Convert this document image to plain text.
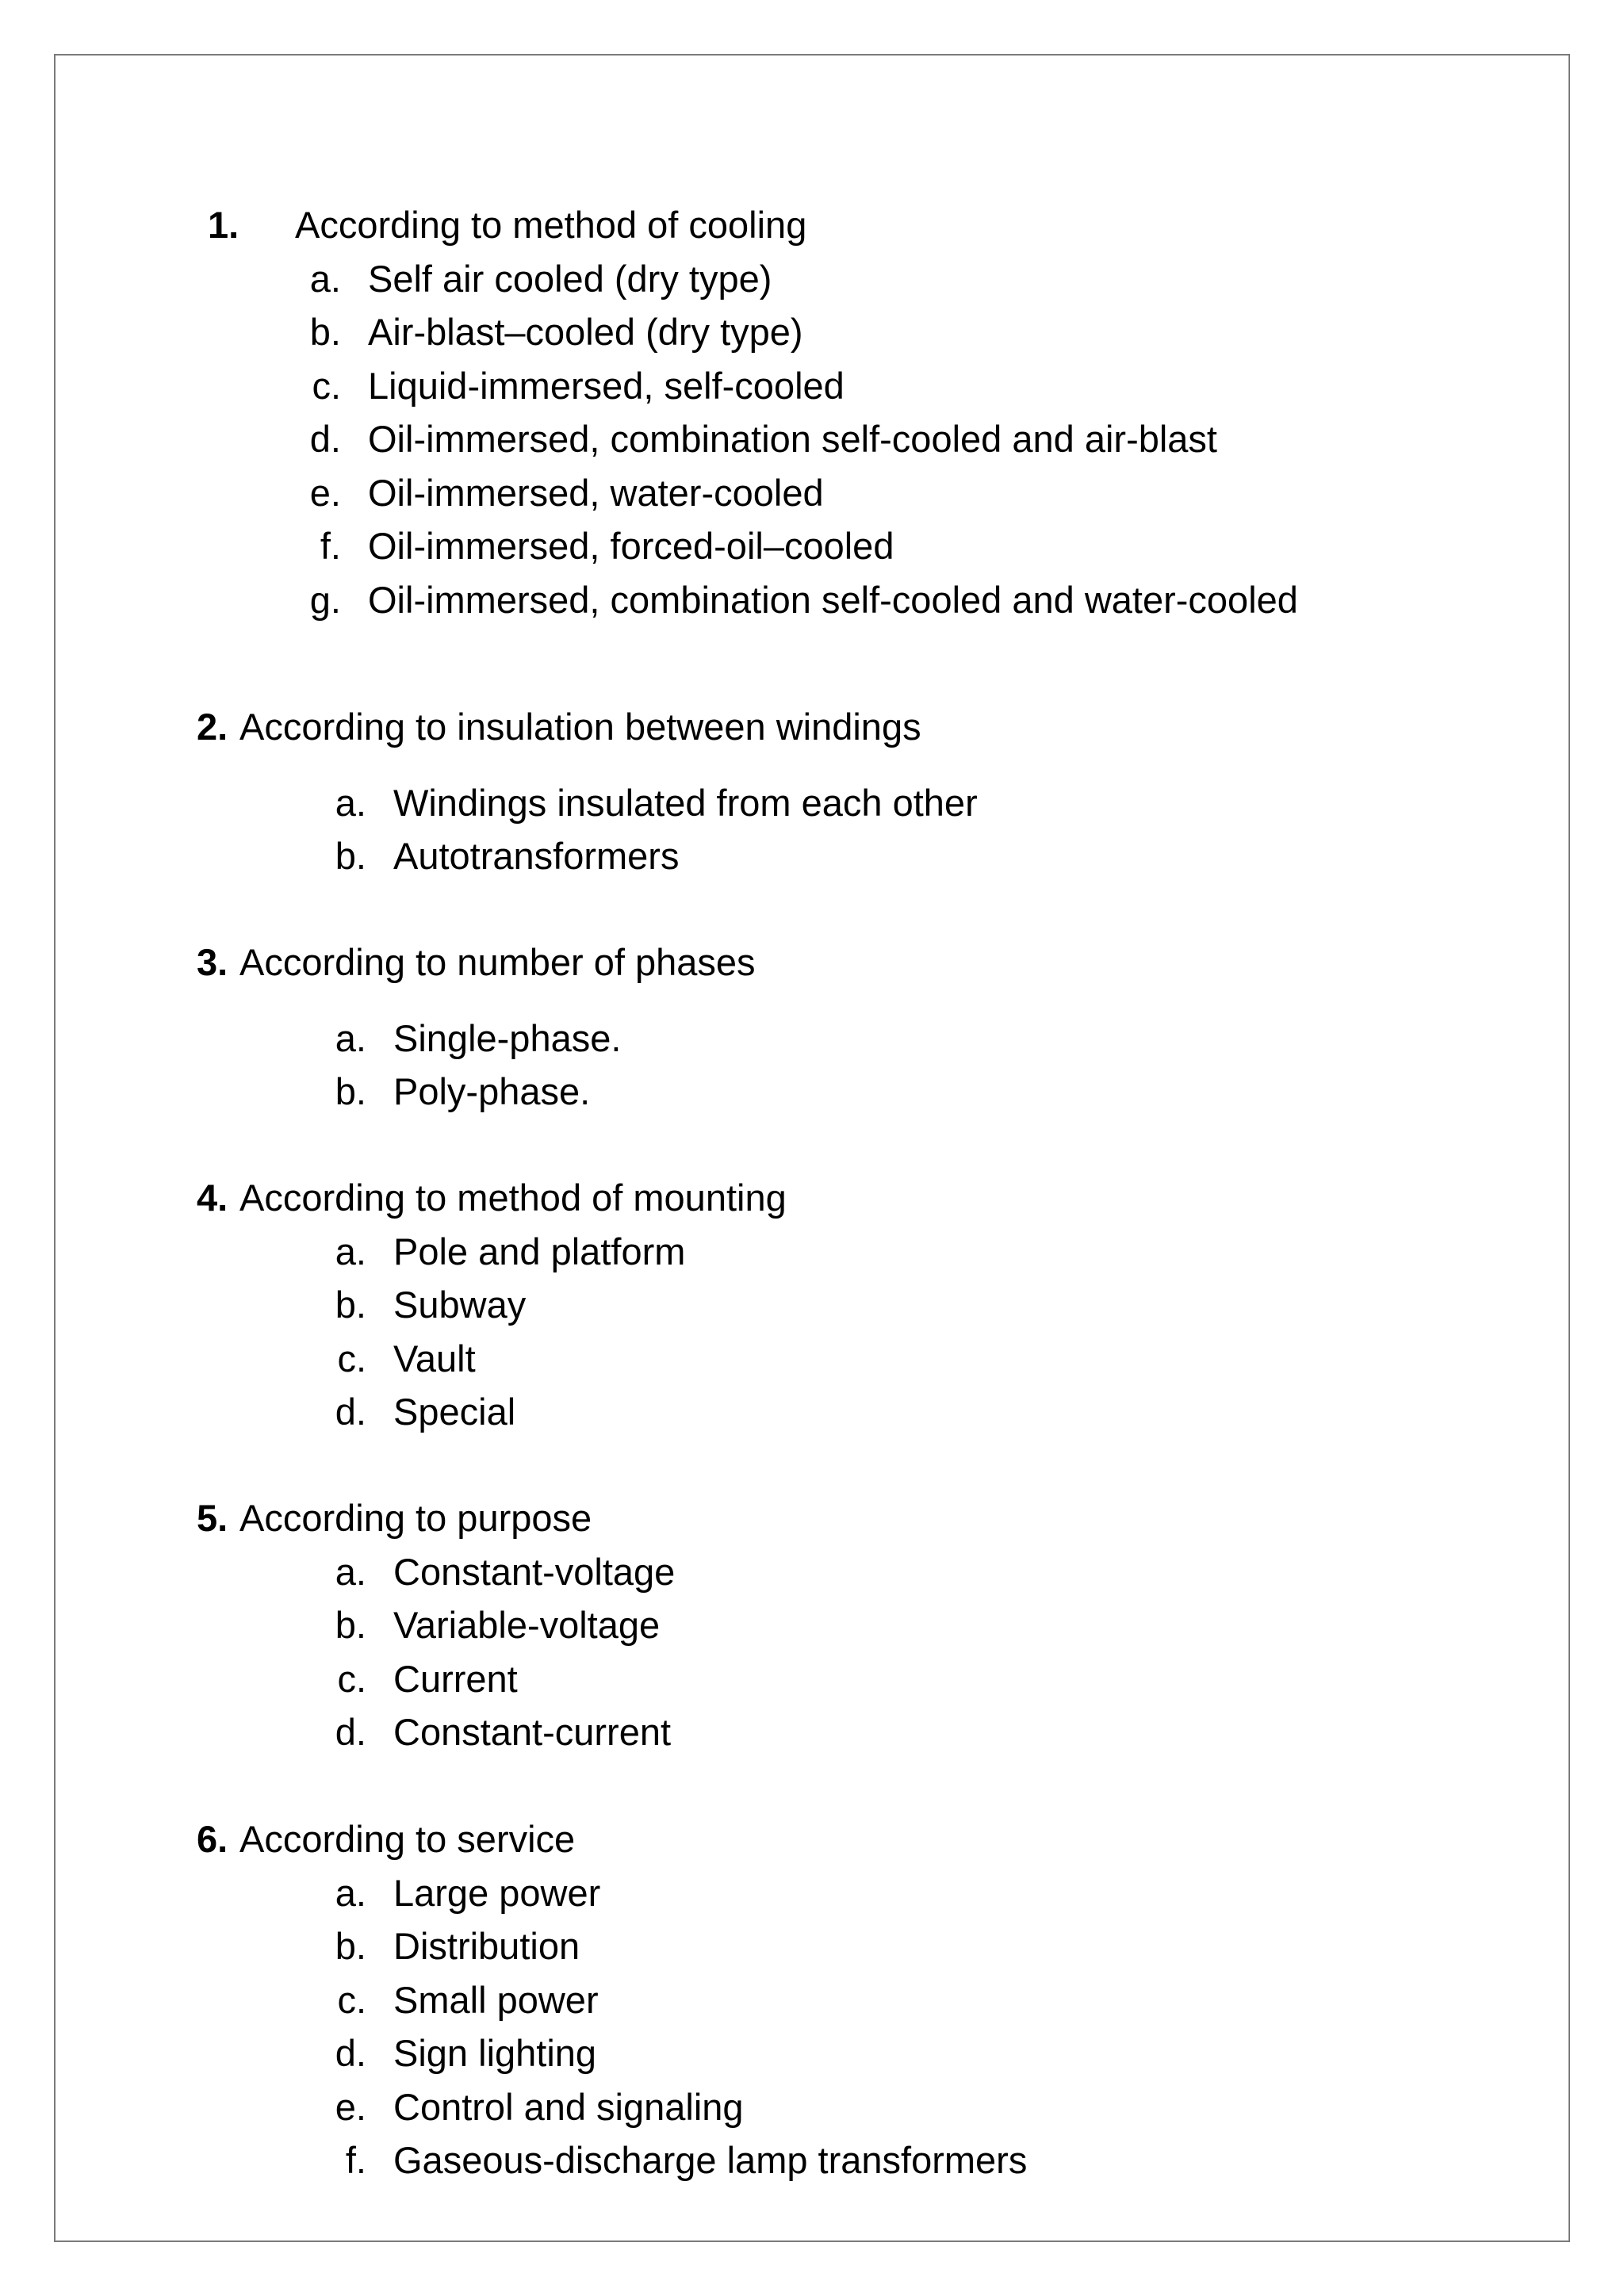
1. According to method of cooling
a. Self air cooled (dry type)
b. Air-blast–cooled (dry type)
c. Liquid-immersed, self-cooled
d. Oil-immersed, combination self-cooled and air-blast
e. Oil-immersed, water-cooled
f. Oil-immersed, forced-oil–cooled
g. Oil-immersed, combination self-cooled and water-cooled
2. According to insulation between windings
a. Windings insulated from each other
b. Autotransformers
3. According to number of phases
a. Single-phase.
b. Poly-phase.
4. According to method of mounting
a. Pole and platform
b. Subway
c. Vault
d. Special
5. According to purpose
a. Constant-voltage
b. Variable-voltage
c. Current
d. Constant-current
6. According to service
a. Large power
b. Distribution
c. Small power
d. Sign lighting
e. Control and signaling
f. Gaseous-discharge lamp transformers
